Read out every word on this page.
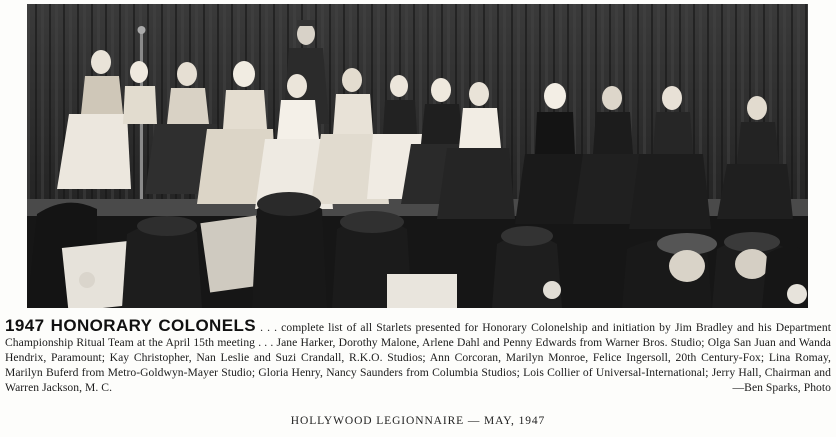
1947 HONORARY COLONELS . . . complete list of all Starlets presented for Honorary Colonelship and initiation by Jim Bradley and his Department Championship Ritual Team at the April 15th meeting . . . Jane Harker, Dorothy Malone, Arlene Dahl and Penny Edwards from Warner Bros. Studio; Olga San Juan and Wanda Hendrix, Paramount; Kay Christopher, Nan Leslie and Suzi Crandall, R.K.O. Studios; Ann Corcoran, Marilyn Monroe, Felice Ingersoll, 20th Century-Fox; Lina Romay, Marilyn Buferd from Metro-Goldwyn-Mayer Studio; Gloria Henry, Nancy Saunders from Columbia Studios; Lois Collier of Universal-International; Jerry Hall, Chairman and Warren Jackson, M. C.	—Ben Sparks, Photo
HOLLYWOOD LEGIONNAIRE — MAY, 1947
